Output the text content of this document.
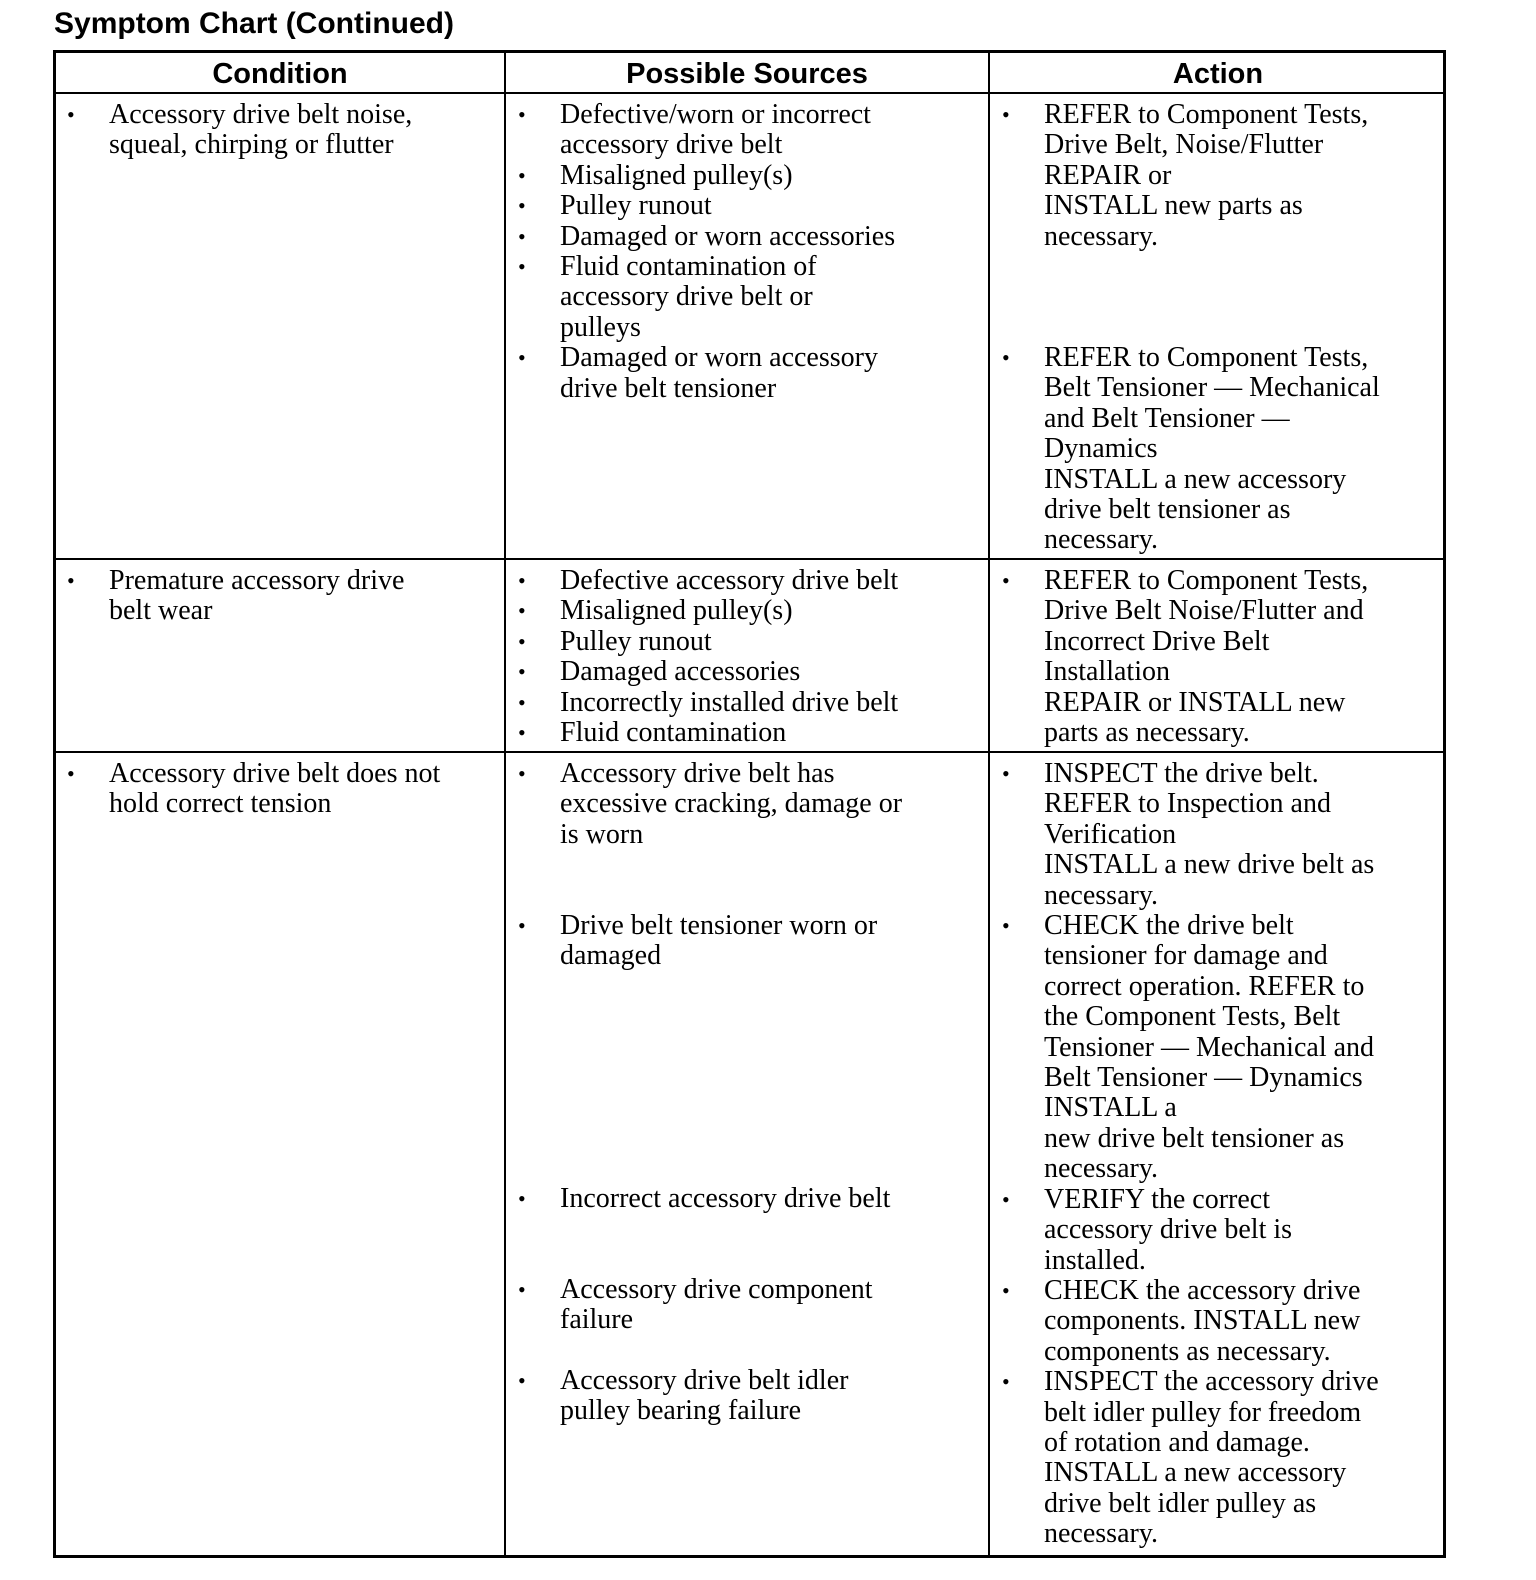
Symptom Chart (Continued)
Condition	Possible Sources	Action
• Accessory drive belt noise,
squeal, chirping or flutter
• Defective/worn or incorrect
accessory drive belt
• Misaligned pulley(s)
• Pulley runout
• Damaged or worn accessories
• Fluid contamination of
accessory drive belt or
pulleys
• Damaged or worn accessory
drive belt tensioner
• REFER to Component Tests,
Drive Belt, Noise/Flutter
REPAIR or
INSTALL new parts as
necessary.
• REFER to Component Tests,
Belt Tensioner — Mechanical
and Belt Tensioner —
Dynamics
INSTALL a new accessory
drive belt tensioner as
necessary.
• Premature accessory drive
belt wear
• Defective accessory drive belt
• Misaligned pulley(s)
• Pulley runout
• Damaged accessories
• Incorrectly installed drive belt
• Fluid contamination
• REFER to Component Tests,
Drive Belt Noise/Flutter and
Incorrect Drive Belt
Installation
REPAIR or INSTALL new
parts as necessary.
• Accessory drive belt does not
hold correct tension
• Accessory drive belt has
excessive cracking, damage or
is worn
• Drive belt tensioner worn or
damaged
• Incorrect accessory drive belt
• Accessory drive component
failure
• Accessory drive belt idler
pulley bearing failure
• INSPECT the drive belt.
REFER to Inspection and
Verification
INSTALL a new drive belt as
necessary.
• CHECK the drive belt
tensioner for damage and
correct operation. REFER to
the Component Tests, Belt
Tensioner — Mechanical and
Belt Tensioner — Dynamics
INSTALL a
new drive belt tensioner as
necessary.
• VERIFY the correct
accessory drive belt is
installed.
• CHECK the accessory drive
components. INSTALL new
components as necessary.
• INSPECT the accessory drive
belt idler pulley for freedom
of rotation and damage.
INSTALL a new accessory
drive belt idler pulley as
necessary.
